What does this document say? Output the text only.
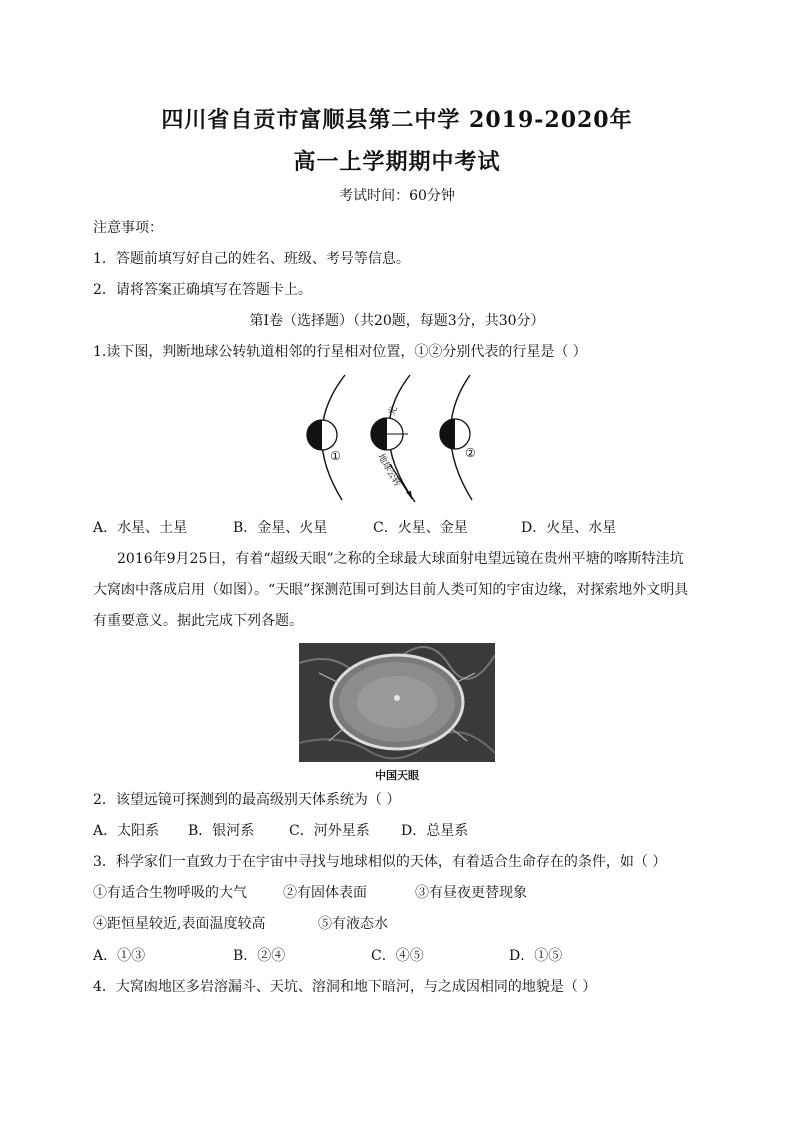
四川省自贡市富顺县第二中学 2019-2020年
高一上学期期中考试
考试时间：60分钟
注意事项：
1．答题前填写好自己的姓名、班级、考号等信息。
2．请将答案正确填写在答题卡上。
第Ⅰ卷（选择题）（共20题，每题3分，共30分）
1.读下图，判断地球公转轨道相邻的行星相对位置，①②分别代表的行星是（ ）
①	②
光
地球公转
A．水星、土星	B．金星、火星	C．火星、金星	D．火星、水星
2016年9月25日，有着“超级天眼”之称的全球最大球面射电望远镜在贵州平塘的喀斯特洼坑
大窝凼中落成启用（如图）。“天眼”探测范围可到达目前人类可知的宇宙边缘，对探索地外文明具
有重要意义。据此完成下列各题。
中国天眼
2．该望远镜可探测到的最高级别天体系统为（ ）
A．太阳系 B．银河系 C．河外星系 D．总星系
3．科学家们一直致力于在宇宙中寻找与地球相似的天体，有着适合生命存在的条件，如（ ）
①有适合生物呼吸的大气	②有固体表面	③有昼夜更替现象
④距恒星较近,表面温度较高	⑤有液态水
A．①③	B．②④	C．④⑤	D．①⑤
4．大窝凼地区多岩溶漏斗、天坑、溶洞和地下暗河，与之成因相同的地貌是（ ）
